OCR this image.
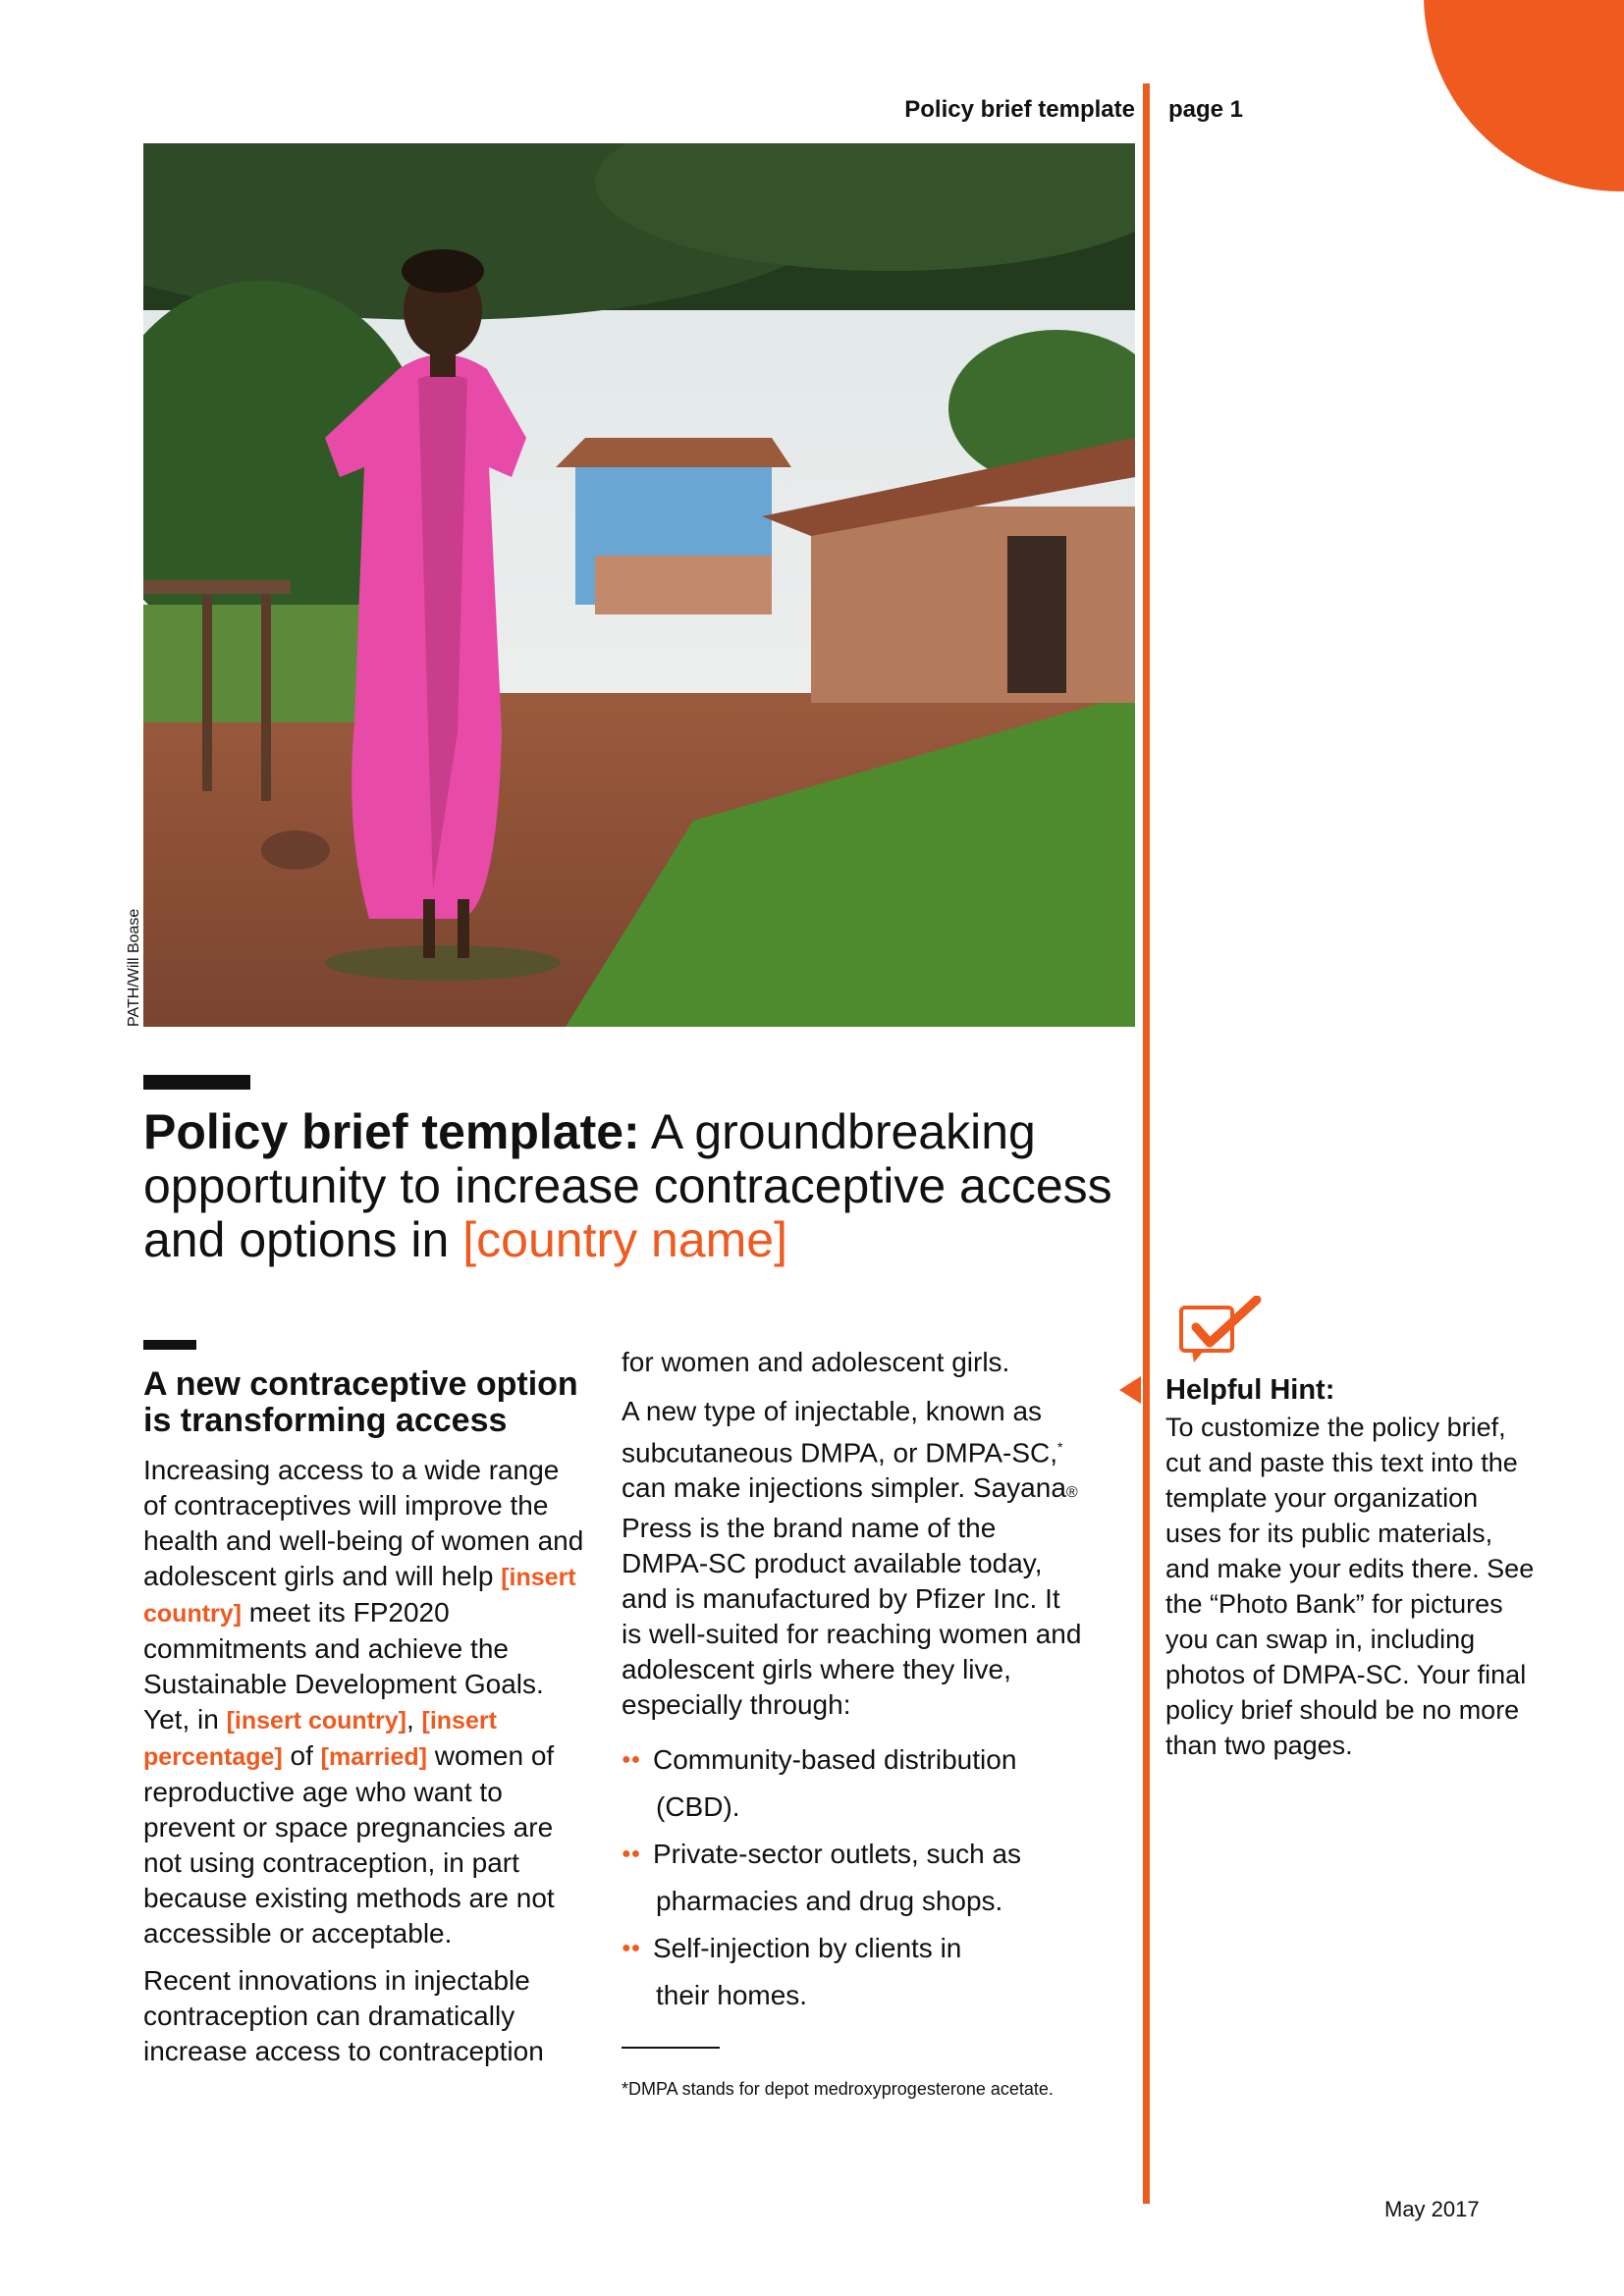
Policy brief template page 1
PATH/Will Boase
Policy brief template: A groundbreaking opportunity to increase contraceptive access and options in [country name]
A new contraceptive option is transforming access

Increasing access to a wide range of contraceptives will improve the health and well-being of women and adolescent girls and will help [insert country] meet its FP2020 commitments and achieve the Sustainable Development Goals. Yet, in [insert country], [insert percentage] of [married] women of reproductive age who want to prevent or space pregnancies are not using contraception, in part because existing methods are not accessible or acceptable.

Recent innovations in injectable contraception can dramatically increase access to contraception

for women and adolescent girls.

A new type of injectable, known as subcutaneous DMPA, or DMPA-SC,* can make injections simpler. Sayana® Press is the brand name of the DMPA-SC product available today, and is manufactured by Pfizer Inc. It is well-suited for reaching women and adolescent girls where they live, especially through:

●● Community-based distribution
(CBD).
●● Private-sector outlets, such as
pharmacies and drug shops.
●● Self-injection by clients in
their homes.
*DMPA stands for depot medroxyprogesterone acetate.
Helpful Hint:
To customize the policy brief, cut and paste this text into the template your organization uses for its public materials, and make your edits there. See the “Photo Bank” for pictures you can swap in, including photos of DMPA-SC. Your final policy brief should be no more than two pages.
May 2017
